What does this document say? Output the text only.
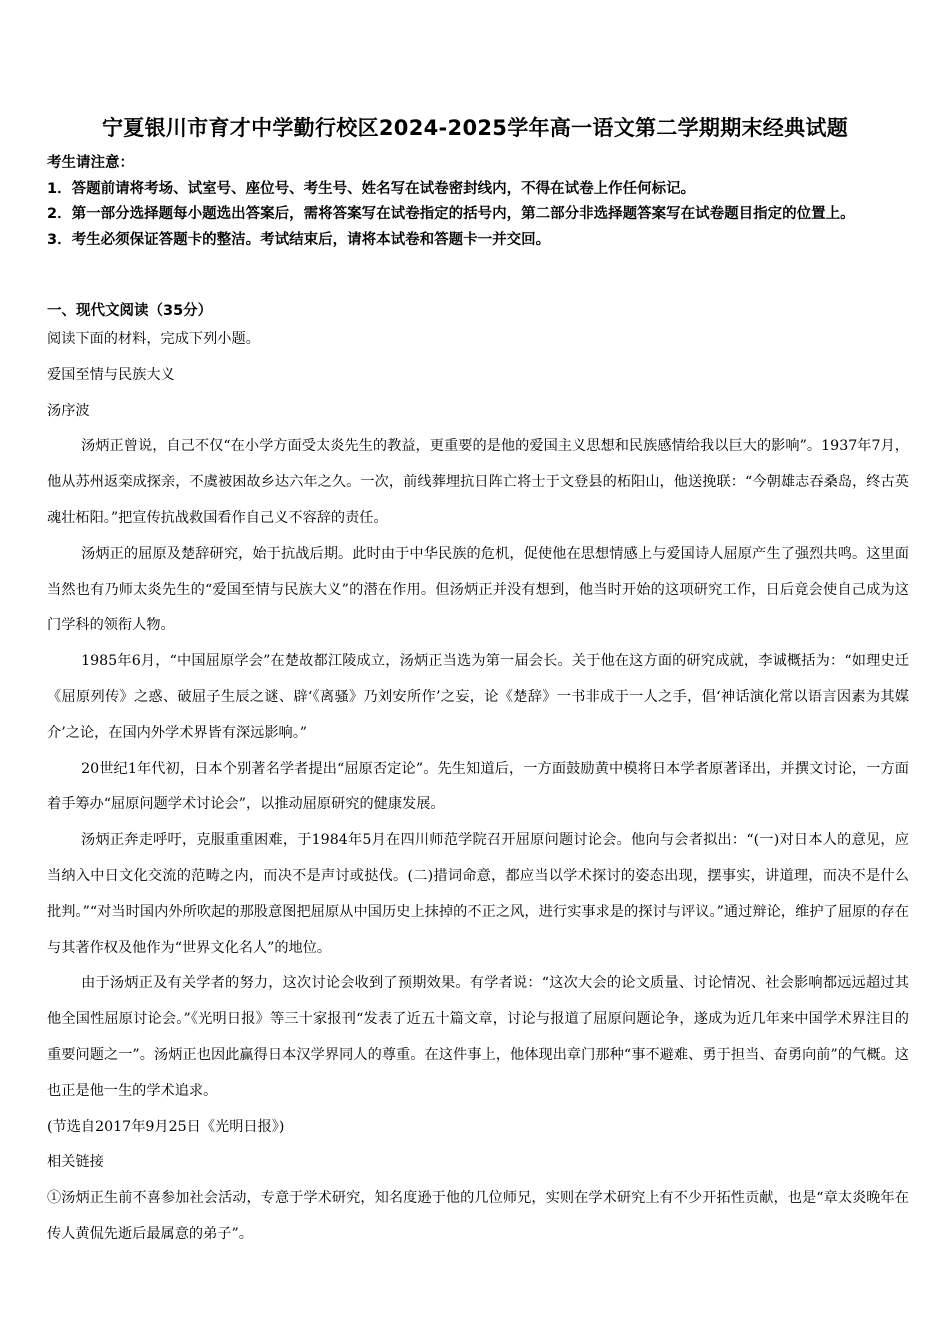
宁夏银川市育才中学勤行校区2024-2025学年高一语文第二学期期末经典试题

考生请注意：

1．答题前请将考场、试室号、座位号、考生号、姓名写在试卷密封线内，不得在试卷上作任何标记。

2．第一部分选择题每小题选出答案后，需将答案写在试卷指定的括号内，第二部分非选择题答案写在试卷题目指定的位置上。

3．考生必须保证答题卡的整洁。考试结束后，请将本试卷和答题卡一并交回。

一、现代文阅读（35分）

阅读下面的材料，完成下列小题。

爱国至情与民族大义

汤序波

汤炳正曾说，自己不仅“在小学方面受太炎先生的教益，更重要的是他的爱国主义思想和民族感情给我以巨大的影响”。1937年7月，他从苏州返栾成探亲，不虞被困故乡达六年之久。一次，前线葬埋抗日阵亡将士于文登县的柘阳山，他送挽联：“今朝雄志吞桑岛，终古英魂壮柘阳。”把宣传抗战救国看作自己义不容辞的责任。

汤炳正的屈原及楚辞研究，始于抗战后期。此时由于中华民族的危机，促使他在思想情感上与爱国诗人屈原产生了强烈共鸣。这里面当然也有乃师太炎先生的“爱国至情与民族大义”的潜在作用。但汤炳正并没有想到，他当时开始的这项研究工作，日后竟会使自己成为这门学科的领衔人物。

1985年6月，“中国屈原学会”在楚故都江陵成立，汤炳正当选为第一届会长。关于他在这方面的研究成就，李诚概括为：“如理史迁《屈原列传》之惑、破屈子生辰之谜、辟‘《离骚》乃刘安所作’之妄，论《楚辞》一书非成于一人之手，倡‘神话演化常以语言因素为其媒介’之论，在国内外学术界皆有深远影响。”

20世纪1年代初，日本个别著名学者提出“屈原否定论”。先生知道后，一方面鼓励黄中模将日本学者原著译出，并撰文讨论，一方面着手筹办“屈原问题学术讨论会”，以推动屈原研究的健康发展。

汤炳正奔走呼吁，克服重重困难，于1984年5月在四川师范学院召开屈原问题讨论会。他向与会者拟出：“(一)对日本人的意见，应当纳入中日文化交流的范畴之内，而决不是声讨或挞伐。(二)措词命意，都应当以学术探讨的姿态出现，摆事实，讲道理，而决不是什么批判。”“对当时国内外所吹起的那股意图把屈原从中国历史上抹掉的不正之风，进行实事求是的探讨与评议。”通过辩论，维护了屈原的存在与其著作权及他作为“世界文化名人”的地位。

由于汤炳正及有关学者的努力，这次讨论会收到了预期效果。有学者说：“这次大会的论文质量、讨论情况、社会影响都远远超过其他全国性屈原讨论会。”《光明日报》等三十家报刊“发表了近五十篇文章，讨论与报道了屈原问题论争，遂成为近几年来中国学术界注目的重要问题之一”。汤炳正也因此赢得日本汉学界同人的尊重。在这件事上，他体现出章门那种“事不避难、勇于担当、奋勇向前”的气概。这也正是他一生的学术追求。

(节选自2017年9月25日《光明日报》)

相关链接

①汤炳正生前不喜参加社会活动，专意于学术研究，知名度逊于他的几位师兄，实则在学术研究上有不少开拓性贡献，也是“章太炎晚年在传人黄侃先逝后最属意的弟子”。
